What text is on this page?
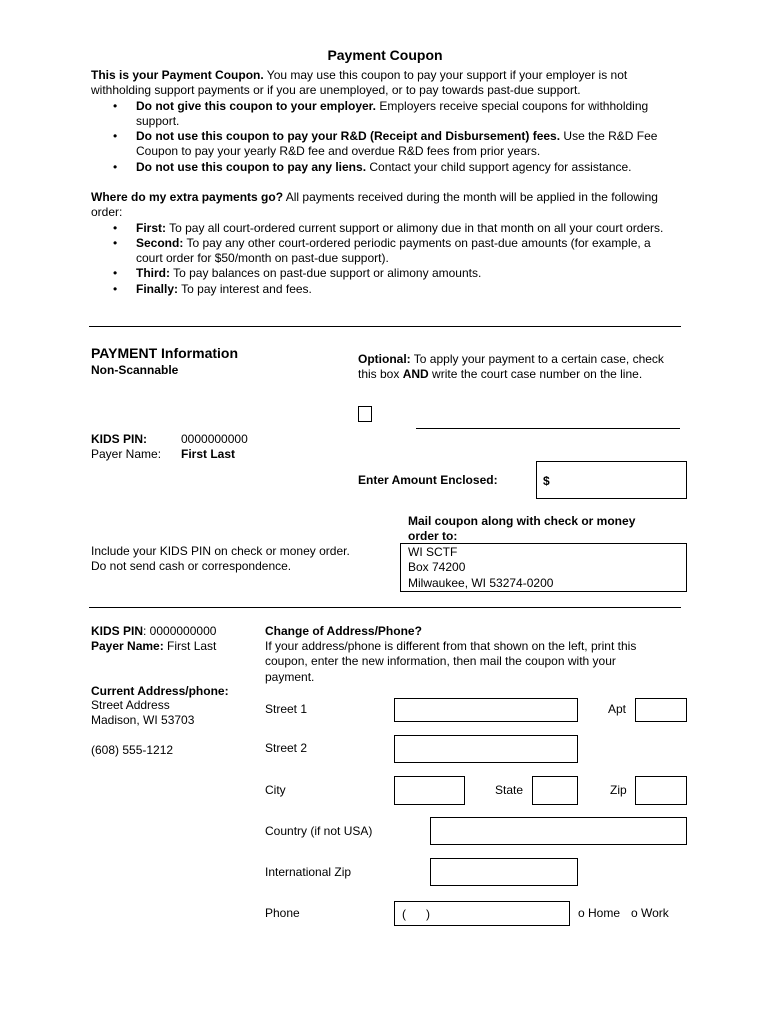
Payment Coupon
This is your Payment Coupon. You may use this coupon to pay your support if your employer is not withholding support payments or if you are unemployed, or to pay towards past-due support.
• Do not give this coupon to your employer. Employers receive special coupons for withholding support.
• Do not use this coupon to pay your R&D (Receipt and Disbursement) fees. Use the R&D Fee Coupon to pay your yearly R&D fee and overdue R&D fees from prior years.
• Do not use this coupon to pay any liens. Contact your child support agency for assistance.
Where do my extra payments go? All payments received during the month will be applied in the following order:
• First: To pay all court-ordered current support or alimony due in that month on all your court orders.
• Second: To pay any other court-ordered periodic payments on past-due amounts (for example, a court order for $50/month on past-due support).
• Third: To pay balances on past-due support or alimony amounts.
• Finally: To pay interest and fees.
PAYMENT Information
Non-Scannable
Optional: To apply your payment to a certain case, check this box AND write the court case number on the line.
KIDS PIN:	0000000000
Payer Name: First Last
Enter Amount Enclosed:	$
Mail coupon along with check or money order to:
WI SCTF
Box 74200
Milwaukee, WI 53274-0200
Include your KIDS PIN on check or money order. Do not send cash or correspondence.
KIDS PIN: 0000000000
Payer Name: First Last
Current Address/phone:
Street Address
Madison, WI 53703
(608) 555-1212
Change of Address/Phone?
If your address/phone is different from that shown on the left, print this coupon, enter the new information, then mail the coupon with your payment.
Street 1	Apt
Street 2
City	State	Zip
Country (if not USA)
International Zip
Phone	(      )	o Home o Work
